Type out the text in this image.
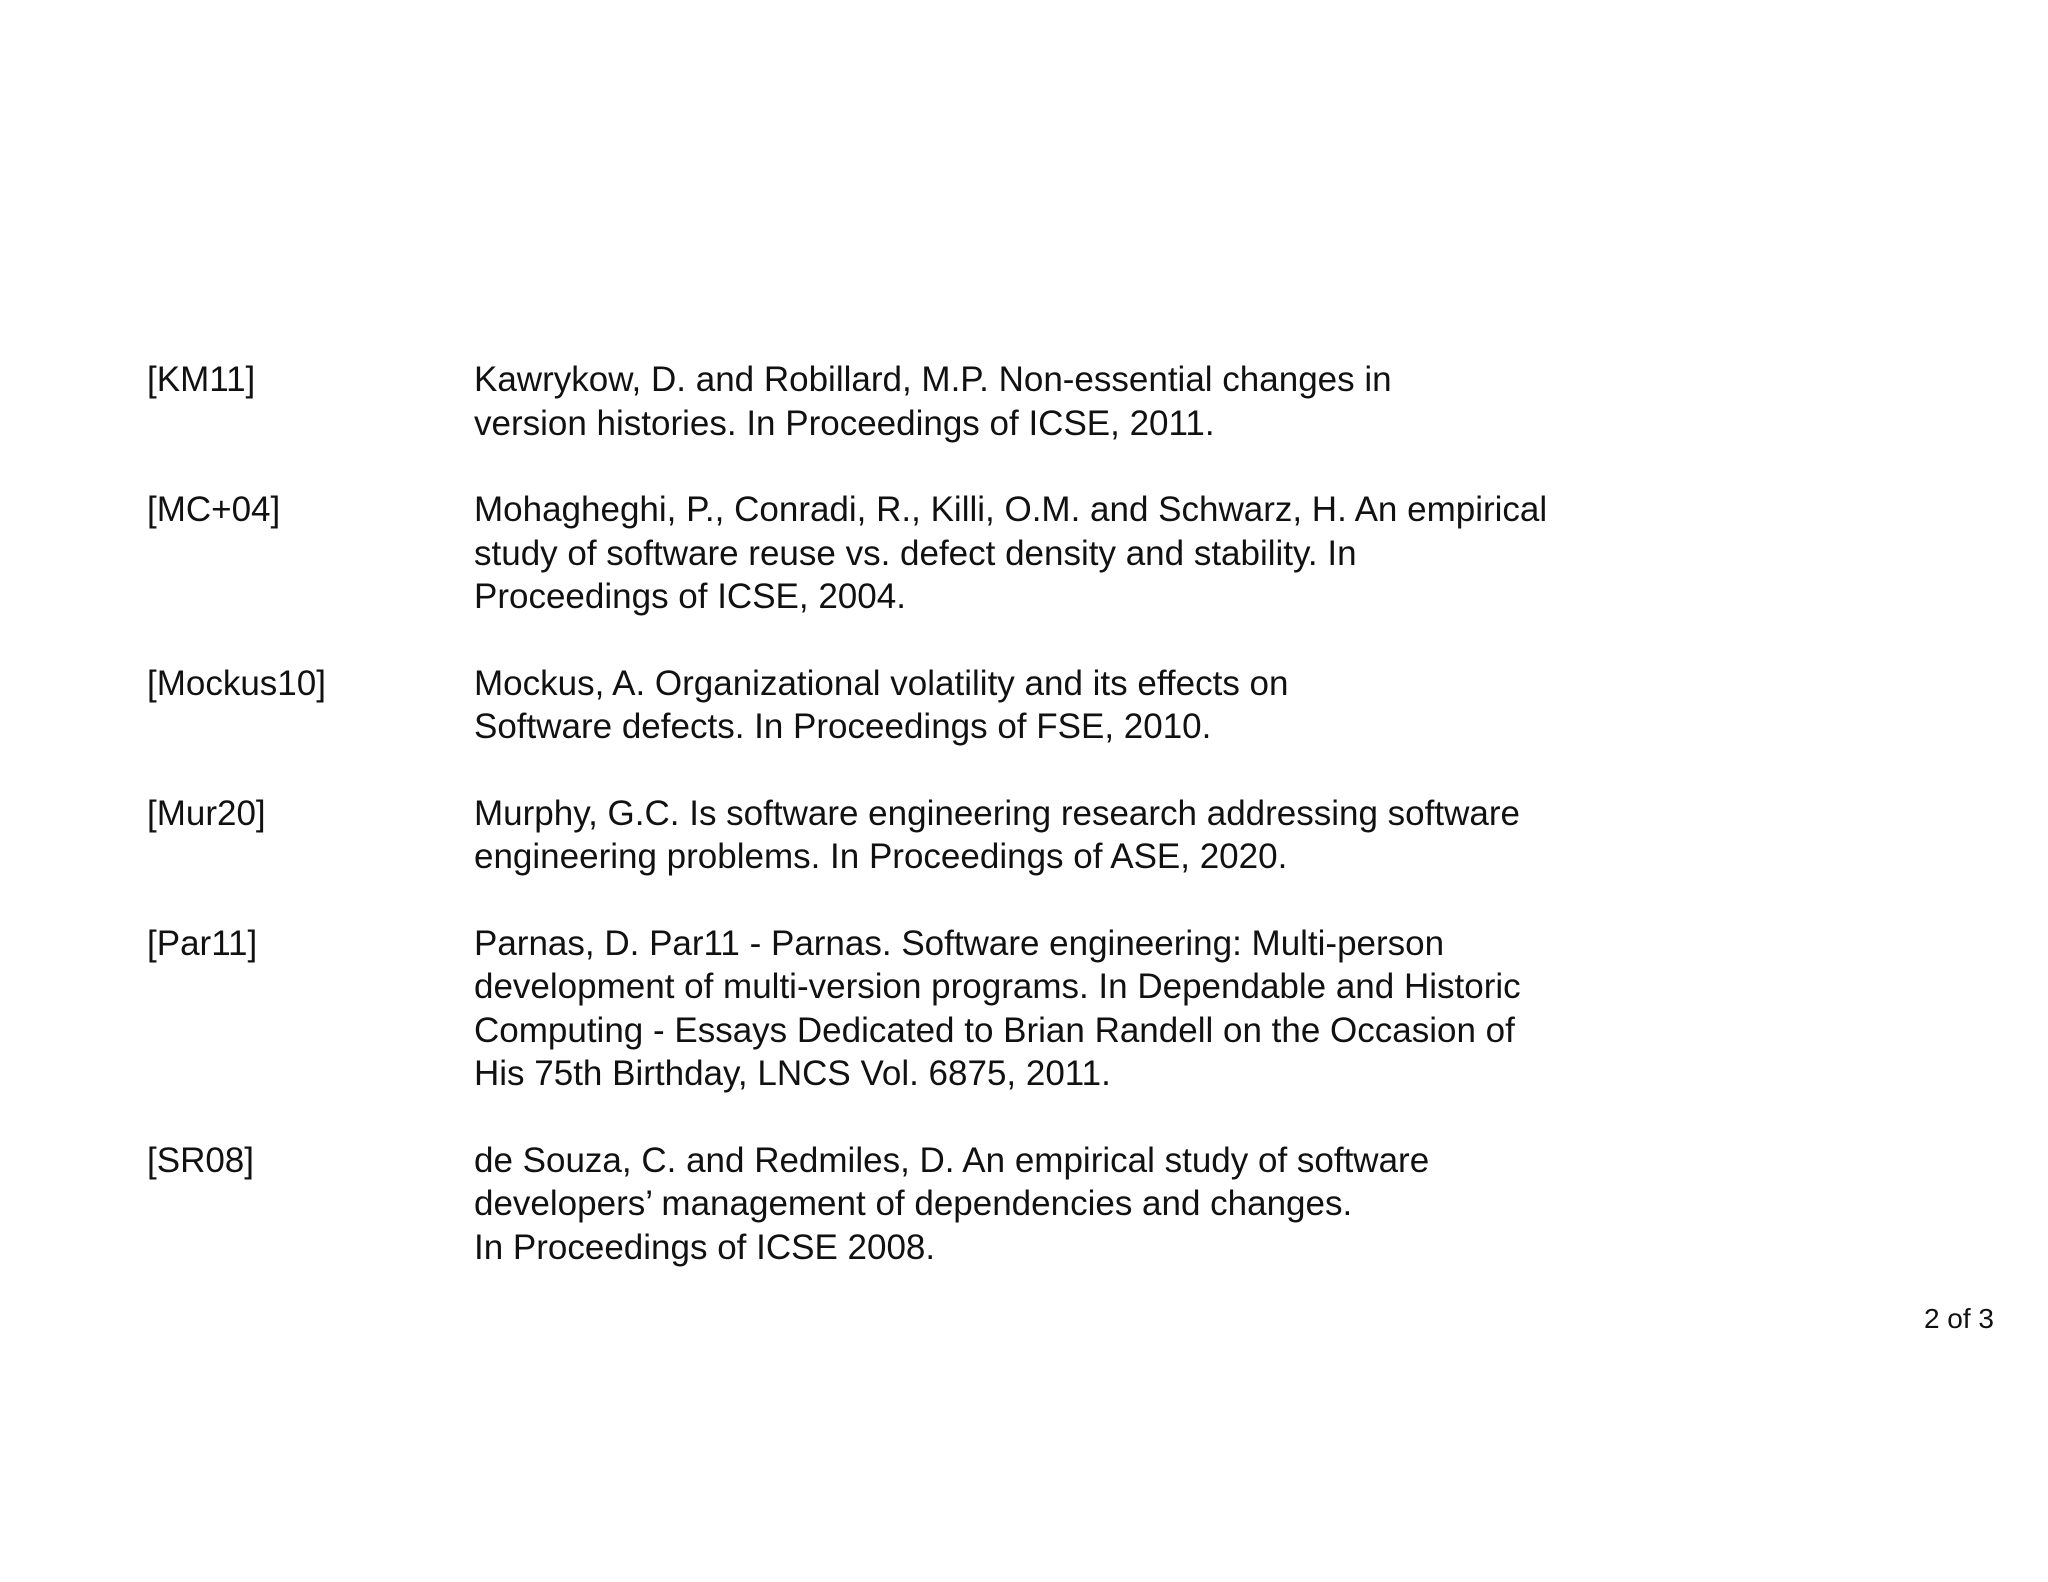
[KM11]	Kawrykow, D. and Robillard, M.P. Non-essential changes in
version histories. In Proceedings of ICSE, 2011.
[MC+04]	Mohagheghi, P., Conradi, R., Killi, O.M. and Schwarz, H. An empirical
study of software reuse vs. defect density and stability. In
Proceedings of ICSE, 2004.
[Mockus10]	Mockus, A. Organizational volatility and its effects on
Software defects. In Proceedings of FSE, 2010.
[Mur20]	Murphy, G.C. Is software engineering research addressing software
engineering problems. In Proceedings of ASE, 2020.
[Par11]	Parnas, D. Par11 - Parnas. Software engineering: Multi-person
development of multi-version programs. In Dependable and Historic
Computing - Essays Dedicated to Brian Randell on the Occasion of
His 75th Birthday, LNCS Vol. 6875, 2011.
[SR08]	de Souza, C. and Redmiles, D. An empirical study of software
developers’ management of dependencies and changes.
In Proceedings of ICSE 2008.
2 of 3
